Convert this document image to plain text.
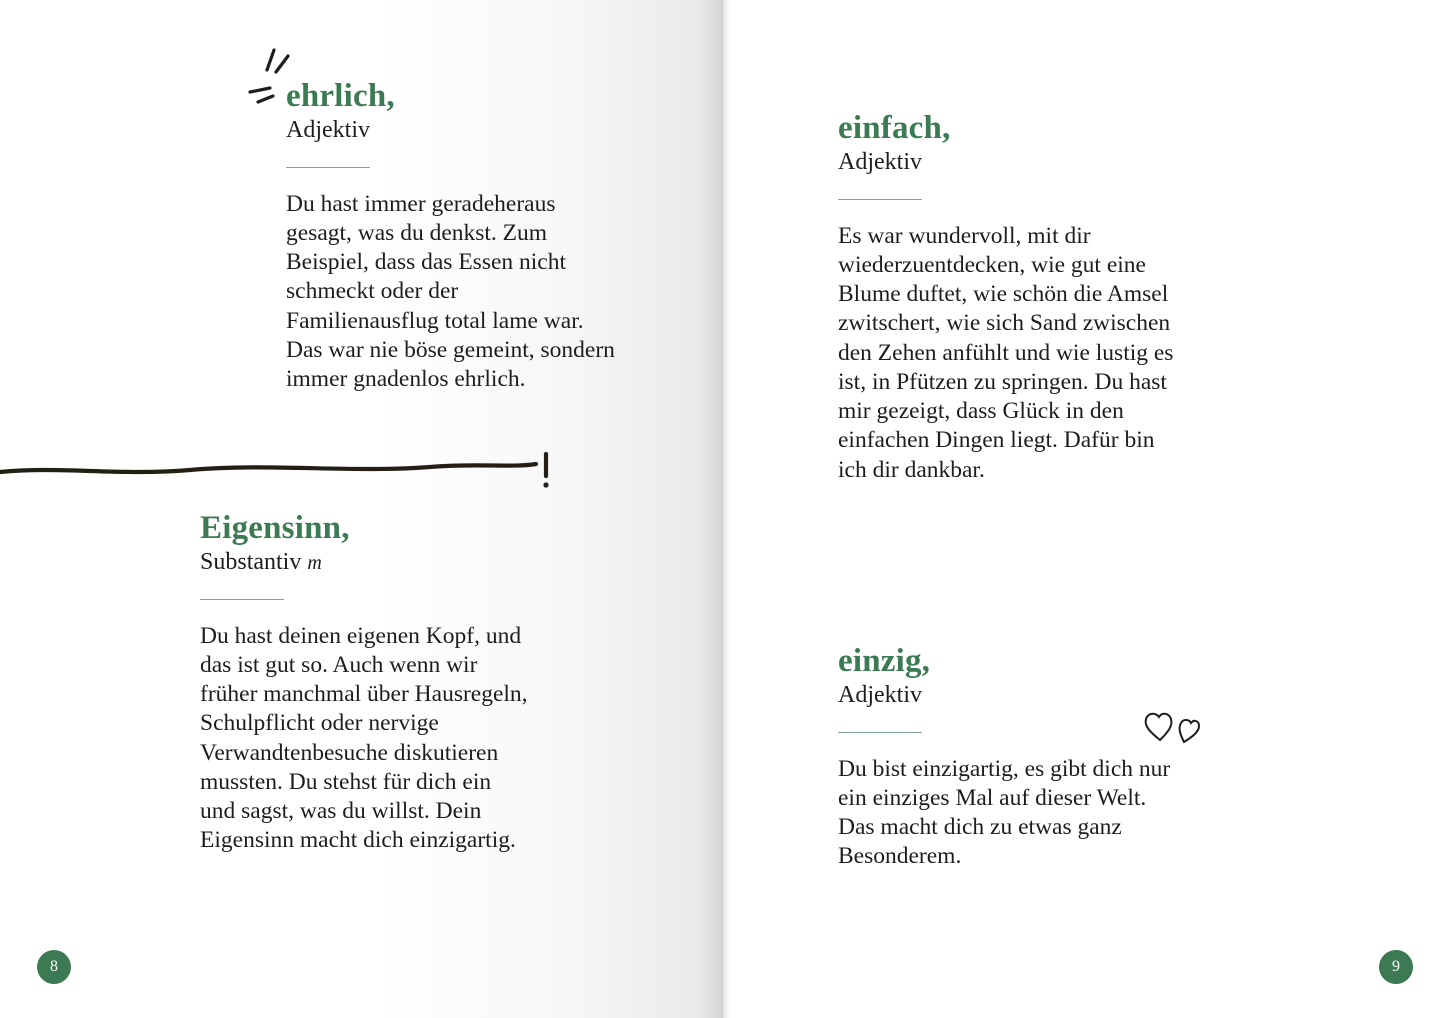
ehrlich,

Adjektiv

Du hast immer geradeheraus gesagt, was du denkst. Zum Beispiel, dass das Essen nicht schmeckt oder der Familienausflug total lame war. Das war nie böse gemeint, sondern immer gnadenlos ehrlich.

Eigensinn,

Substantiv m

Du hast deinen eigenen Kopf, und das ist gut so. Auch wenn wir früher manchmal über Hausregeln, Schulpflicht oder nervige Verwandtenbesuche diskutieren mussten. Du stehst für dich ein und sagst, was du willst. Dein Eigensinn macht dich einzigartig.

8
einfach,

Adjektiv

Es war wundervoll, mit dir wiederzuentdecken, wie gut eine Blume duftet, wie schön die Amsel zwitschert, wie sich Sand zwischen den Zehen anfühlt und wie lustig es ist, in Pfützen zu springen. Du hast mir gezeigt, dass Glück in den einfachen Dingen liegt. Dafür bin ich dir dankbar.

einzig,

Adjektiv

Du bist einzigartig, es gibt dich nur ein einziges Mal auf dieser Welt. Das macht dich zu etwas ganz Besonderem.

9
